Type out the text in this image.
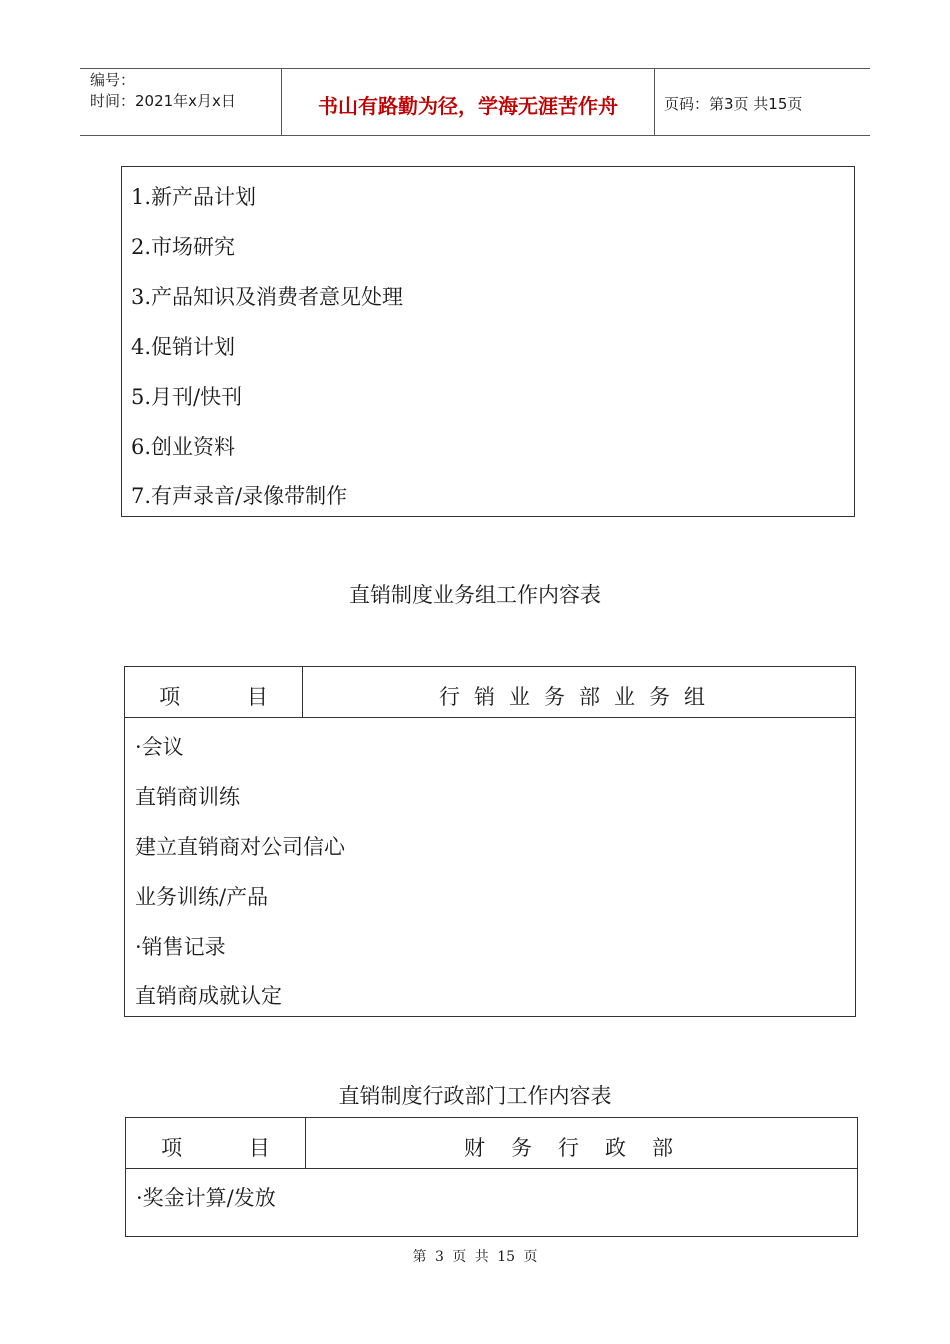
编号：
时间：2021年x月x日	书山有路勤为径，学海无涯苦作舟	页码：第3页 共15页
1.新产品计划
2.市场研究
3.产品知识及消费者意见处理
4.促销计划
5.月刊/快刊
6.创业资料
7.有声录音/录像带制作
直销制度业务组工作内容表
项 目	行销业务部业务组
·会议
直销商训练
建立直销商对公司信心
业务训练/产品
·销售记录
直销商成就认定
直销制度行政部门工作内容表
项 目	财务行政部
·奖金计算/发放
第 3 页 共 15 页
